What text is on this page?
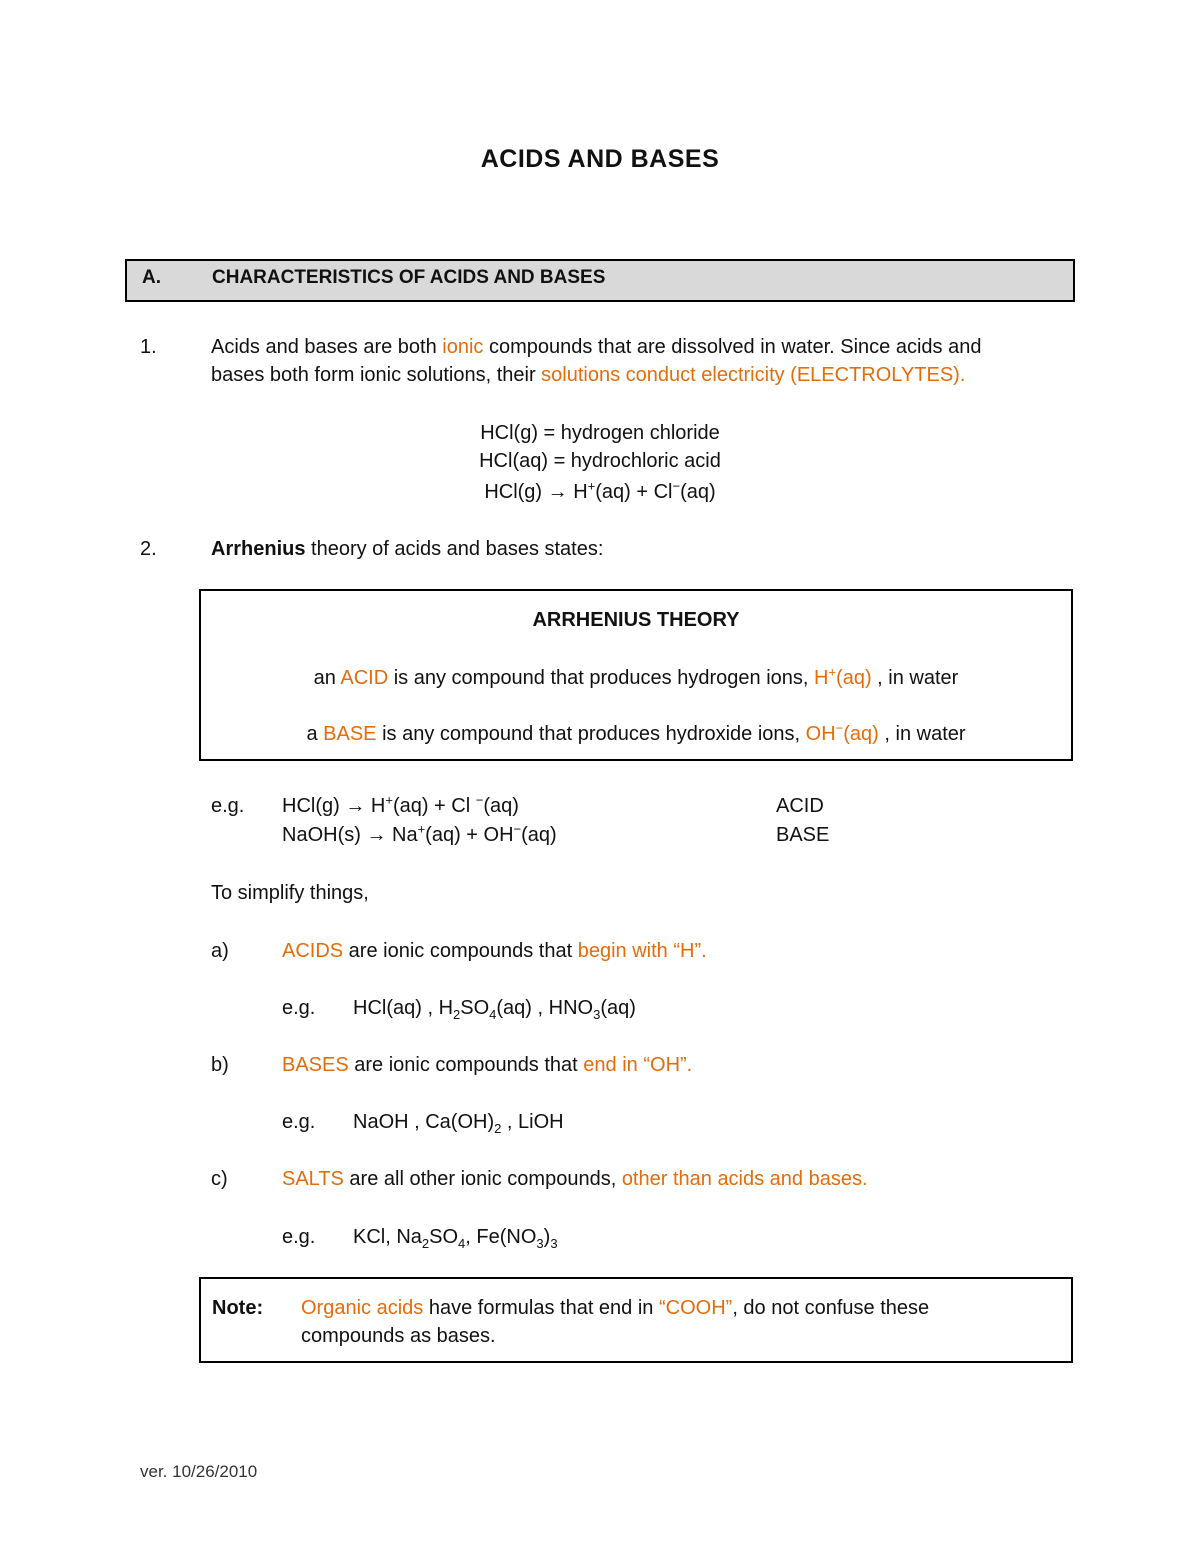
ACIDS AND BASES
A.	CHARACTERISTICS OF ACIDS AND BASES
1.	Acids and bases are both ionic compounds that are dissolved in water. Since acids and
bases both form ionic solutions, their solutions conduct electricity (ELECTROLYTES).
HCl(g) = hydrogen chloride
HCl(aq) = hydrochloric acid
HCl(g) → H+(aq) + Cl−(aq)
2.	Arrhenius theory of acids and bases states:
ARRHENIUS THEORY
an ACID is any compound that produces hydrogen ions, H+(aq) , in water
a BASE is any compound that produces hydroxide ions, OH−(aq) , in water
e.g. HCl(g) → H+(aq) + Cl −(aq)	ACID
NaOH(s) → Na+(aq) + OH−(aq)	BASE
To simplify things,
a)	ACIDS are ionic compounds that begin with “H”.
e.g. HCl(aq) , $H_2SO_4(aq)$ , $HNO_3(aq)$
b)	BASES are ionic compounds that end in “OH”.
e.g. NaOH , $Ca(OH)_2$ , LiOH
c)	SALTS are all other ionic compounds, other than acids and bases.
e.g. KCl, $Na_2SO_4$, $Fe(NO_3)_3$
Note: Organic acids have formulas that end in “COOH”, do not confuse these
compounds as bases.
ver. 10/26/2010
